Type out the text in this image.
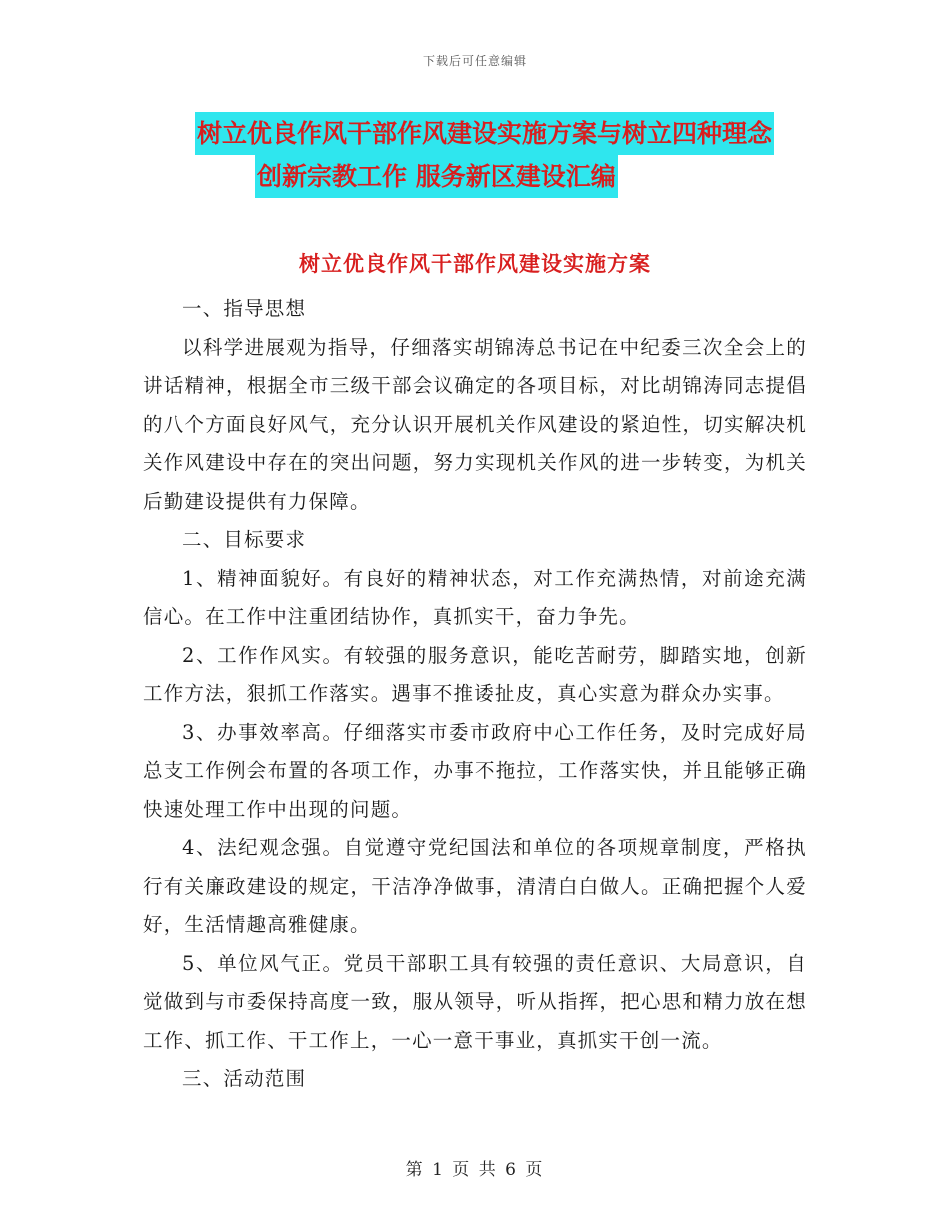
下载后可任意编辑
树立优良作风干部作风建设实施方案与树立四种理念
创新宗教工作 服务新区建设汇编
树立优良作风干部作风建设实施方案

一、指导思想

以科学进展观为指导，仔细落实胡锦涛总书记在中纪委三次全会上的讲话精神，根据全市三级干部会议确定的各项目标，对比胡锦涛同志提倡的八个方面良好风气，充分认识开展机关作风建设的紧迫性，切实解决机关作风建设中存在的突出问题，努力实现机关作风的进一步转变，为机关后勤建设提供有力保障。

二、目标要求

1、精神面貌好。有良好的精神状态，对工作充满热情，对前途充满信心。在工作中注重团结协作，真抓实干，奋力争先。

2、工作作风实。有较强的服务意识，能吃苦耐劳，脚踏实地，创新工作方法，狠抓工作落实。遇事不推诿扯皮，真心实意为群众办实事。

3、办事效率高。仔细落实市委市政府中心工作任务，及时完成好局总支工作例会布置的各项工作，办事不拖拉，工作落实快，并且能够正确快速处理工作中出现的问题。

4、法纪观念强。自觉遵守党纪国法和单位的各项规章制度，严格执行有关廉政建设的规定，干洁净净做事，清清白白做人。正确把握个人爱好，生活情趣高雅健康。

5、单位风气正。党员干部职工具有较强的责任意识、大局意识，自觉做到与市委保持高度一致，服从领导，听从指挥，把心思和精力放在想工作、抓工作、干工作上，一心一意干事业，真抓实干创一流。

三、活动范围

第 1 页 共 6 页
